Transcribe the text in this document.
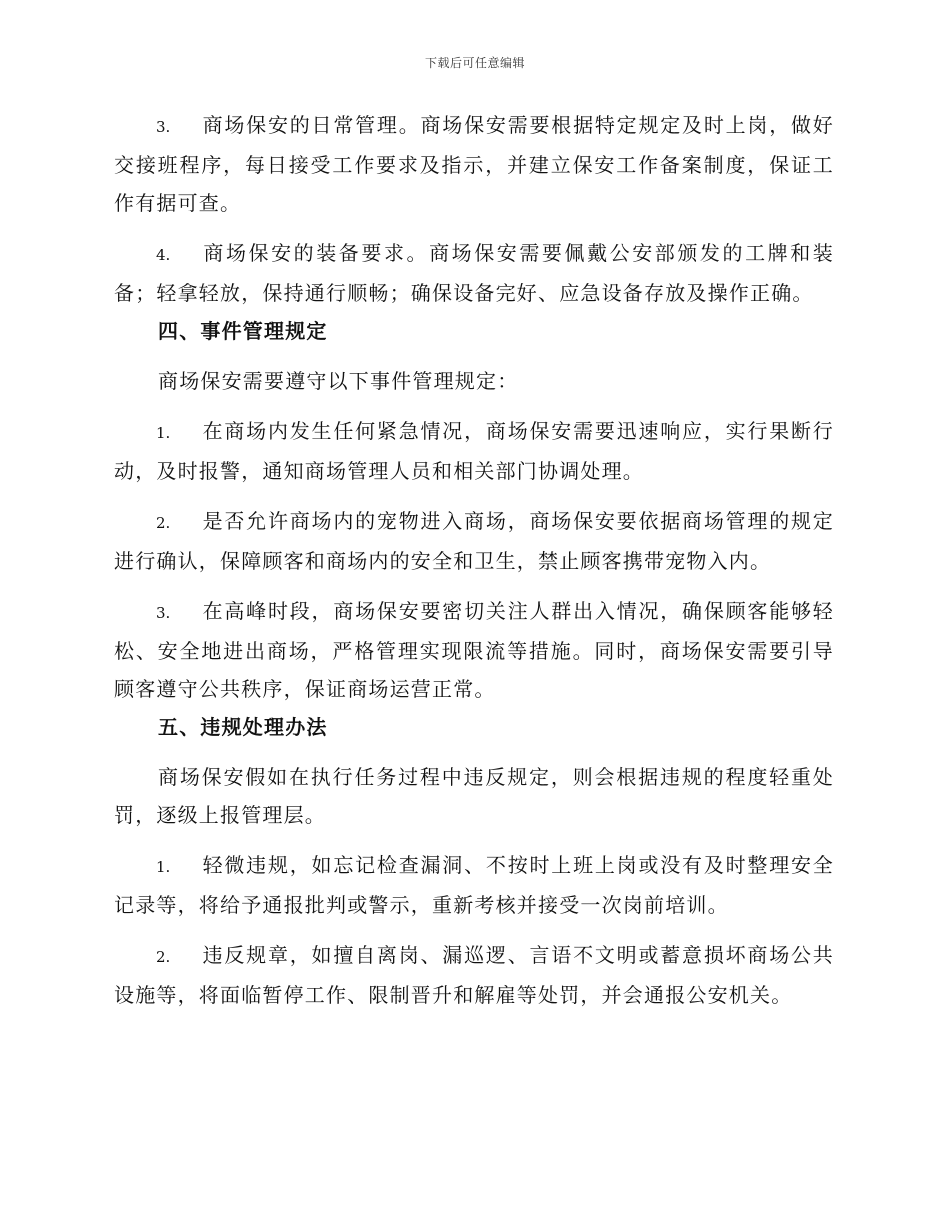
下载后可任意编辑

3. 商场保安的日常管理。商场保安需要根据特定规定及时上岗，做好交接班程序，每日接受工作要求及指示，并建立保安工作备案制度，保证工作有据可查。

4. 商场保安的装备要求。商场保安需要佩戴公安部颁发的工牌和装备；轻拿轻放，保持通行顺畅；确保设备完好、应急设备存放及操作正确。

四、事件管理规定

商场保安需要遵守以下事件管理规定：

1. 在商场内发生任何紧急情况，商场保安需要迅速响应，实行果断行动，及时报警，通知商场管理人员和相关部门协调处理。

2. 是否允许商场内的宠物进入商场，商场保安要依据商场管理的规定进行确认，保障顾客和商场内的安全和卫生，禁止顾客携带宠物入内。

3. 在高峰时段，商场保安要密切关注人群出入情况，确保顾客能够轻松、安全地进出商场，严格管理实现限流等措施。同时，商场保安需要引导顾客遵守公共秩序，保证商场运营正常。

五、违规处理办法

商场保安假如在执行任务过程中违反规定，则会根据违规的程度轻重处罚，逐级上报管理层。

1. 轻微违规，如忘记检查漏洞、不按时上班上岗或没有及时整理安全记录等，将给予通报批判或警示，重新考核并接受一次岗前培训。

2. 违反规章，如擅自离岗、漏巡逻、言语不文明或蓄意损坏商场公共设施等，将面临暂停工作、限制晋升和解雇等处罚，并会通报公安机关。
